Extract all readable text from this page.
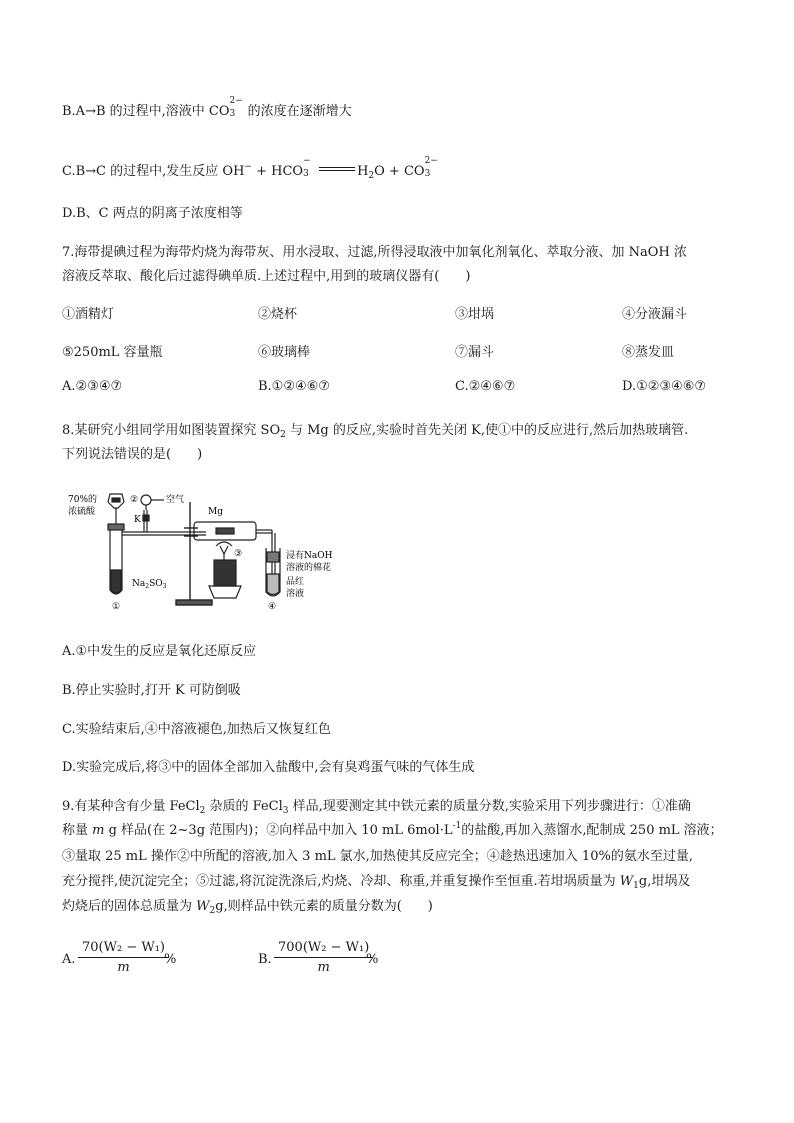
B.A→B 的过程中,溶液中 CO
2−
3 的浓度在逐渐增大
C.B→C 的过程中,发生反应 OH− + HCO
−
3	$H_2O$ + CO
2−
3
D.B、C 两点的阴离子浓度相等
7.海带提碘过程为海带灼烧为海带灰、用水浸取、过滤,所得浸取液中加氧化剂氧化、萃取分液、加 NaOH 浓
溶液反萃取、酸化后过滤得碘单质.上述过程中,用到的玻璃仪器有(　　)
①酒精灯	②烧杯	③坩埚	④分液漏斗
⑤250mL 容量瓶	⑥玻璃棒	⑦漏斗	⑧蒸发皿
A.②③④⑦	B.①②④⑥⑦	C.②④⑥⑦	D.①②③④⑥⑦
8.某研究小组同学用如图装置探究 $SO_2$ 与 Mg 的反应,实验时首先关闭 K,使①中的反应进行,然后加热玻璃管.
下列说法错误的是(　　)
70%的
浓硫酸
$Na_2SO_3$
①
②	空气
K
Mg
③	浸有NaOH
溶液的棉花
品红
溶液
④
A.①中发生的反应是氧化还原反应
B.停止实验时,打开 K 可防倒吸
C.实验结束后,④中溶液褪色,加热后又恢复红色
D.实验完成后,将③中的固体全部加入盐酸中,会有臭鸡蛋气味的气体生成
9.有某种含有少量 FeCl$_2$ 杂质的 FeCl$_3$ 样品,现要测定其中铁元素的质量分数,实验采用下列步骤进行：①准确
称量 m g 样品(在 2~3g 范围内)；②向样品中加入 10 mL $6mol\cdot L^{-1}$的盐酸,再加入蒸馏水,配制成 250 mL 溶液；
③量取 25 mL 操作②中所配的溶液,加入 3 mL 氯水,加热使其反应完全；④趁热迅速加入 10%的氨水至过量,
充分搅拌,使沉淀完全；⑤过滤,将沉淀洗涤后,灼烧、冷却、称重,并重复操作至恒重.若坩埚质量为 $W_1g$,坩埚及
灼烧后的固体总质量为 $W_2g$,则样品中铁元素的质量分数为(　　)
A. $\frac{\text{70(W₂ − W₁)}}{m}$
%	B. $\frac{\text{700(W₂ − W₁)}}{m}$
%
